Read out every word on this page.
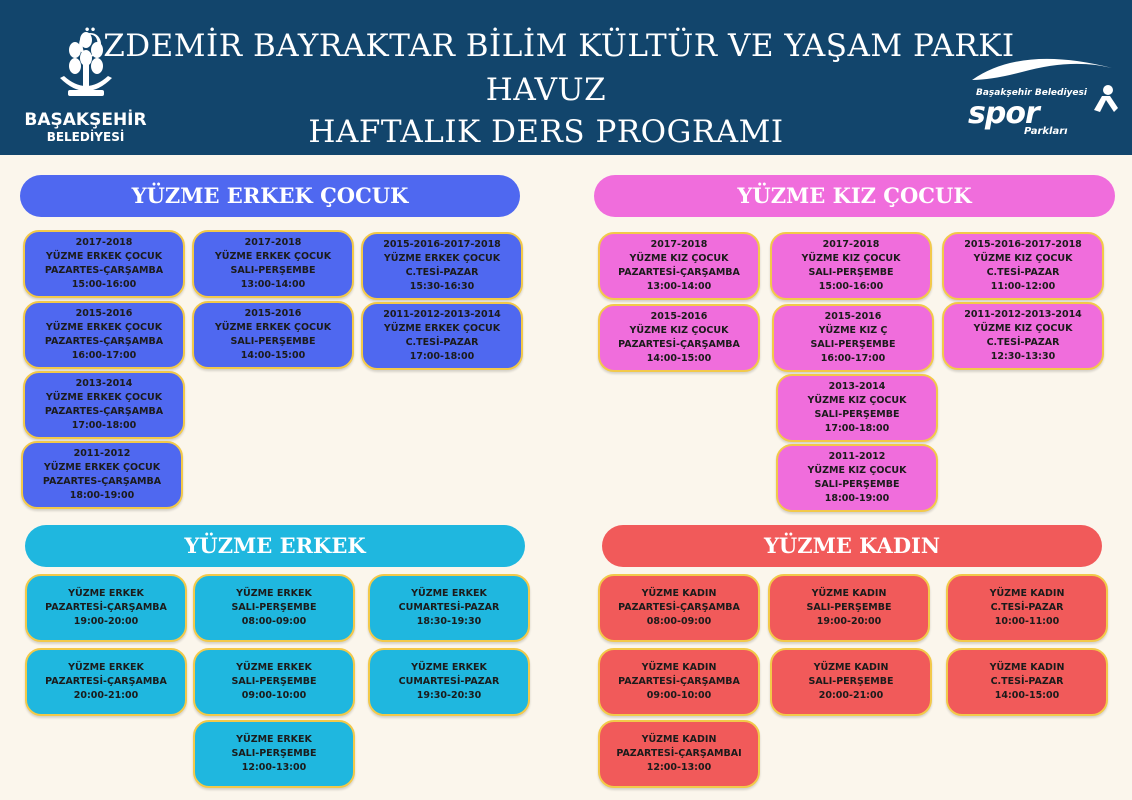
BAŞAKŞEHİR
BELEDİYESİ
ÖZDEMİR BAYRAKTAR BİLİM KÜLTÜR VE YAŞAM PARKI
HAVUZ
HAFTALIK DERS PROGRAMI
Başakşehir Belediyesi
spor
Parkları
YÜZME ERKEK ÇOCUK	YÜZME KIZ ÇOCUK
YÜZME ERKEK	YÜZME KADIN
2017-2018
YÜZME ERKEK ÇOCUK
PAZARTES-ÇARŞAMBA
15:00-16:00
2017-2018
YÜZME ERKEK ÇOCUK
SALI-PERŞEMBE
13:00-14:00
2015-2016-2017-2018
YÜZME ERKEK ÇOCUK
C.TESİ-PAZAR
15:30-16:30
2015-2016
YÜZME ERKEK ÇOCUK
PAZARTES-ÇARŞAMBA
16:00-17:00
2015-2016
YÜZME ERKEK ÇOCUK
SALI-PERŞEMBE
14:00-15:00
2011-2012-2013-2014
YÜZME ERKEK ÇOCUK
C.TESİ-PAZAR
17:00-18:00
2013-2014
YÜZME ERKEK ÇOCUK
PAZARTES-ÇARŞAMBA
17:00-18:00
2011-2012
YÜZME ERKEK ÇOCUK
PAZARTES-ÇARŞAMBA
18:00-19:00
2017-2018
YÜZME KIZ ÇOCUK
PAZARTESİ-ÇARŞAMBA
13:00-14:00
2017-2018
YÜZME KIZ ÇOCUK
SALI-PERŞEMBE
15:00-16:00
2015-2016-2017-2018
YÜZME KIZ ÇOCUK
C.TESİ-PAZAR
11:00-12:00
2015-2016
YÜZME KIZ ÇOCUK
PAZARTESİ-ÇARŞAMBA
14:00-15:00
2015-2016
YÜZME KIZ Ç
SALI-PERŞEMBE
16:00-17:00
2011-2012-2013-2014
YÜZME KIZ ÇOCUK
C.TESİ-PAZAR
12:30-13:30
2013-2014
YÜZME KIZ ÇOCUK
SALI-PERŞEMBE
17:00-18:00
2011-2012
YÜZME KIZ ÇOCUK
SALI-PERŞEMBE
18:00-19:00
YÜZME ERKEK
PAZARTESİ-ÇARŞAMBA
19:00-20:00
YÜZME ERKEK
SALI-PERŞEMBE
08:00-09:00
YÜZME ERKEK
CUMARTESİ-PAZAR
18:30-19:30
YÜZME ERKEK
PAZARTESİ-ÇARŞAMBA
20:00-21:00
YÜZME ERKEK
SALI-PERŞEMBE
09:00-10:00
YÜZME ERKEK
CUMARTESİ-PAZAR
19:30-20:30
YÜZME ERKEK
SALI-PERŞEMBE
12:00-13:00
YÜZME KADIN
PAZARTESİ-ÇARŞAMBA
08:00-09:00
YÜZME KADIN
SALI-PERŞEMBE
19:00-20:00
YÜZME KADIN
C.TESİ-PAZAR
10:00-11:00
YÜZME KADIN
PAZARTESİ-ÇARŞAMBA
09:00-10:00
YÜZME KADIN
SALI-PERŞEMBE
20:00-21:00
YÜZME KADIN
C.TESİ-PAZAR
14:00-15:00
YÜZME KADIN
PAZARTESİ-ÇARŞAMBAI
12:00-13:00
